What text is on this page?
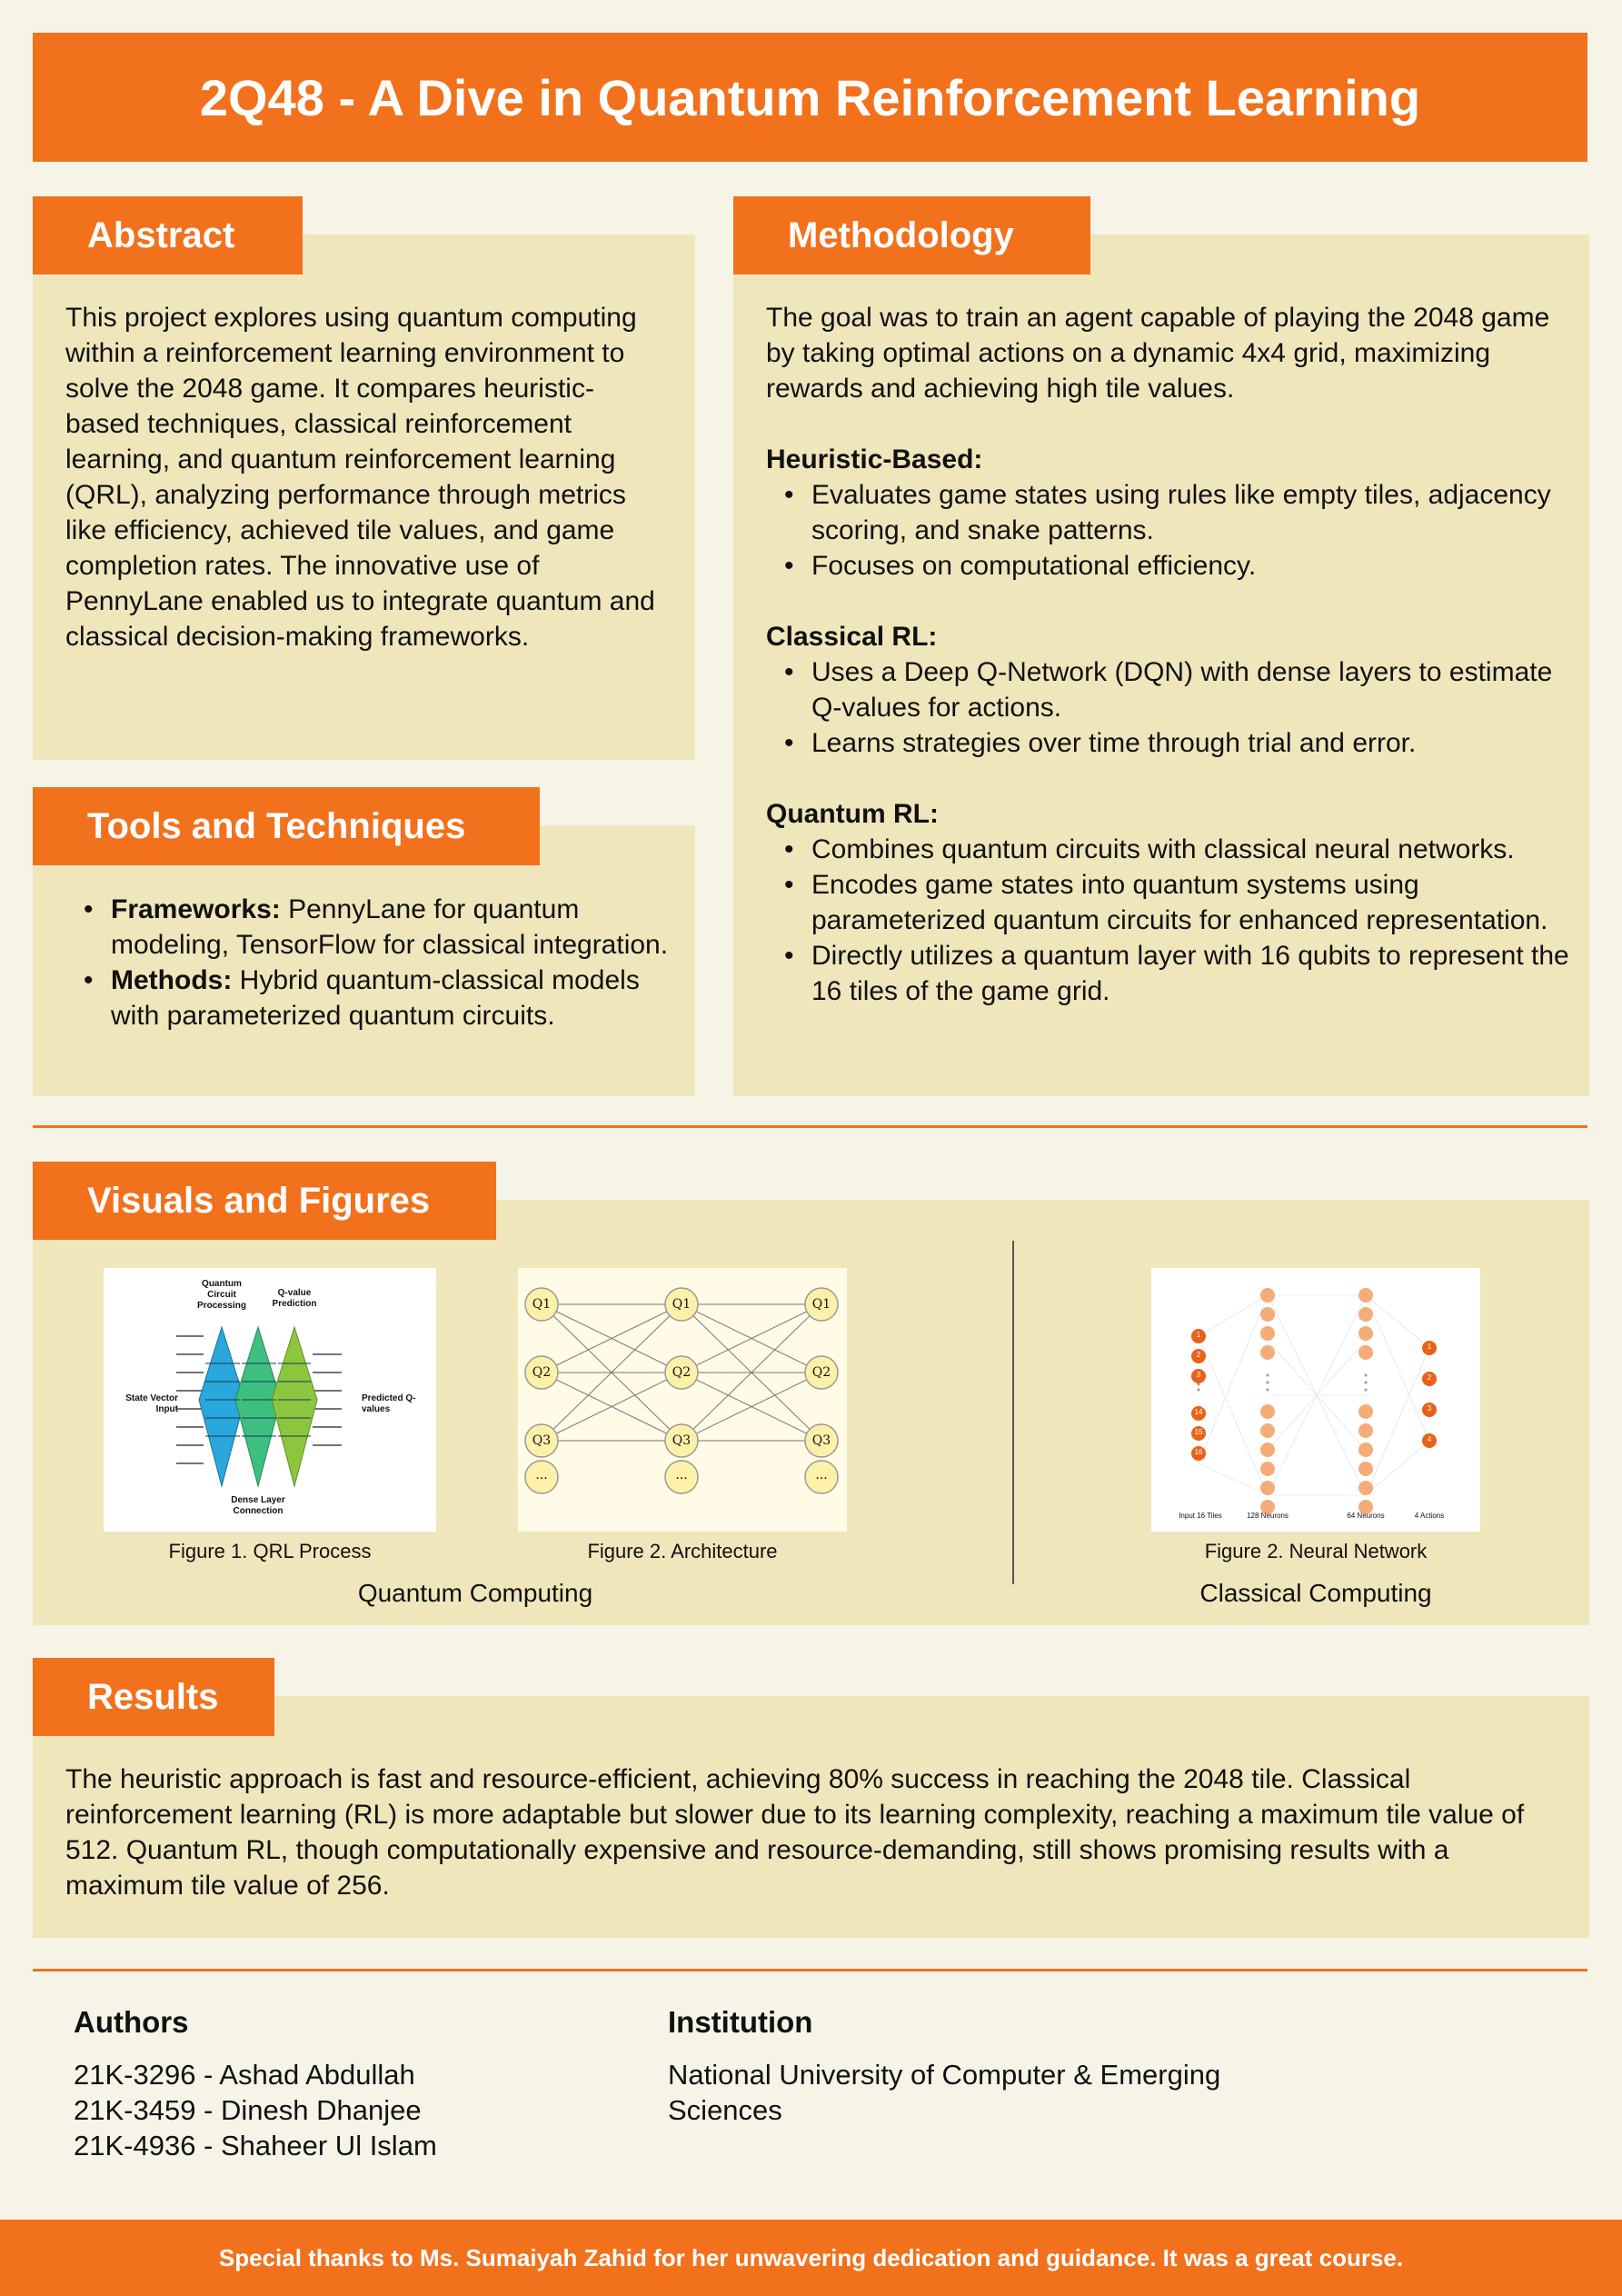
2Q48 - A Dive in Quantum Reinforcement Learning
Abstract
This project explores using quantum computing within a reinforcement learning environment to solve the 2048 game. It compares heuristic-based techniques, classical reinforcement learning, and quantum reinforcement learning (QRL), analyzing performance through metrics like efficiency, achieved tile values, and game completion rates. The innovative use of PennyLane enabled us to integrate quantum and classical decision-making frameworks.
Tools and Techniques
• Frameworks: PennyLane for quantum modeling, TensorFlow for classical integration.
• Methods: Hybrid quantum-classical models with parameterized quantum circuits.
Methodology
The goal was to train an agent capable of playing the 2048 game by taking optimal actions on a dynamic 4x4 grid, maximizing rewards and achieving high tile values.
Heuristic-Based:
• Evaluates game states using rules like empty tiles, adjacency scoring, and snake patterns.
• Focuses on computational efficiency.
Classical RL:
• Uses a Deep Q-Network (DQN) with dense layers to estimate Q-values for actions.
• Learns strategies over time through trial and error.
Quantum RL:
• Combines quantum circuits with classical neural networks.
• Encodes game states into quantum systems using parameterized quantum circuits for enhanced representation.
• Directly utilizes a quantum layer with 16 qubits to represent the 16 tiles of the game grid.
Visuals and Figures
Quantum Circuit Processing
Q-value Prediction
State Vector Input
Predicted Q-values
Dense Layer Connection
Figure 1. QRL Process
Q1
Q2
Q3
...
Q1
Q2
Q3
...
Q1
Q2
Q3
...
Figure 2. Architecture
Quantum Computing
1
2
3
14
15
16
1
2
3
4
Input 16 Tiles	128 Neurons	64 Neurons	4 Actions
Figure 2. Neural Network
Classical Computing
Results
The heuristic approach is fast and resource-efficient, achieving 80% success in reaching the 2048 tile. Classical reinforcement learning (RL) is more adaptable but slower due to its learning complexity, reaching a maximum tile value of 512. Quantum RL, though computationally expensive and resource-demanding, still shows promising results with a maximum tile value of 256.
Authors
21K-3296 - Ashad Abdullah
21K-3459 - Dinesh Dhanjee
21K-4936 - Shaheer Ul Islam
Institution
National University of Computer & Emerging Sciences
Special thanks to Ms. Sumaiyah Zahid for her unwavering dedication and guidance. It was a great course.
